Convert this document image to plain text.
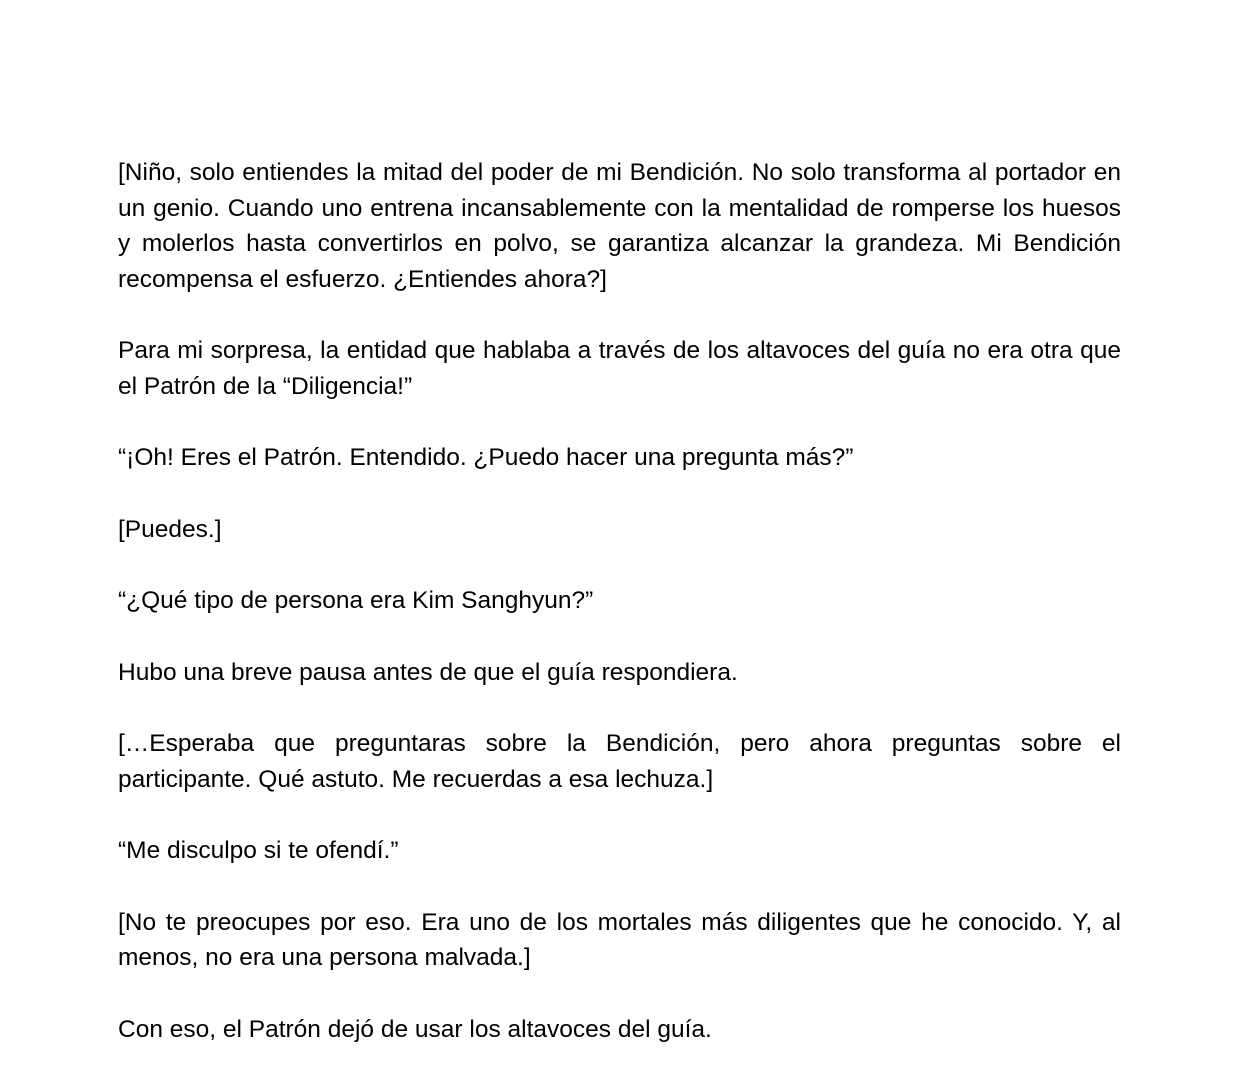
[Niño, solo entiendes la mitad del poder de mi Bendición. No solo transforma al portador en un genio. Cuando uno entrena incansablemente con la mentalidad de romperse los huesos y molerlos hasta convertirlos en polvo, se garantiza alcanzar la grandeza. Mi Bendición recompensa el esfuerzo. ¿Entiendes ahora?]

Para mi sorpresa, la entidad que hablaba a través de los altavoces del guía no era otra que el Patrón de la “Diligencia!”

“¡Oh! Eres el Patrón. Entendido. ¿Puedo hacer una pregunta más?”

[Puedes.]

“¿Qué tipo de persona era Kim Sanghyun?”

Hubo una breve pausa antes de que el guía respondiera.

[…Esperaba que preguntaras sobre la Bendición, pero ahora preguntas sobre el participante. Qué astuto. Me recuerdas a esa lechuza.]

“Me disculpo si te ofendí.”

[No te preocupes por eso. Era uno de los mortales más diligentes que he conocido. Y, al menos, no era una persona malvada.]

Con eso, el Patrón dejó de usar los altavoces del guía.
